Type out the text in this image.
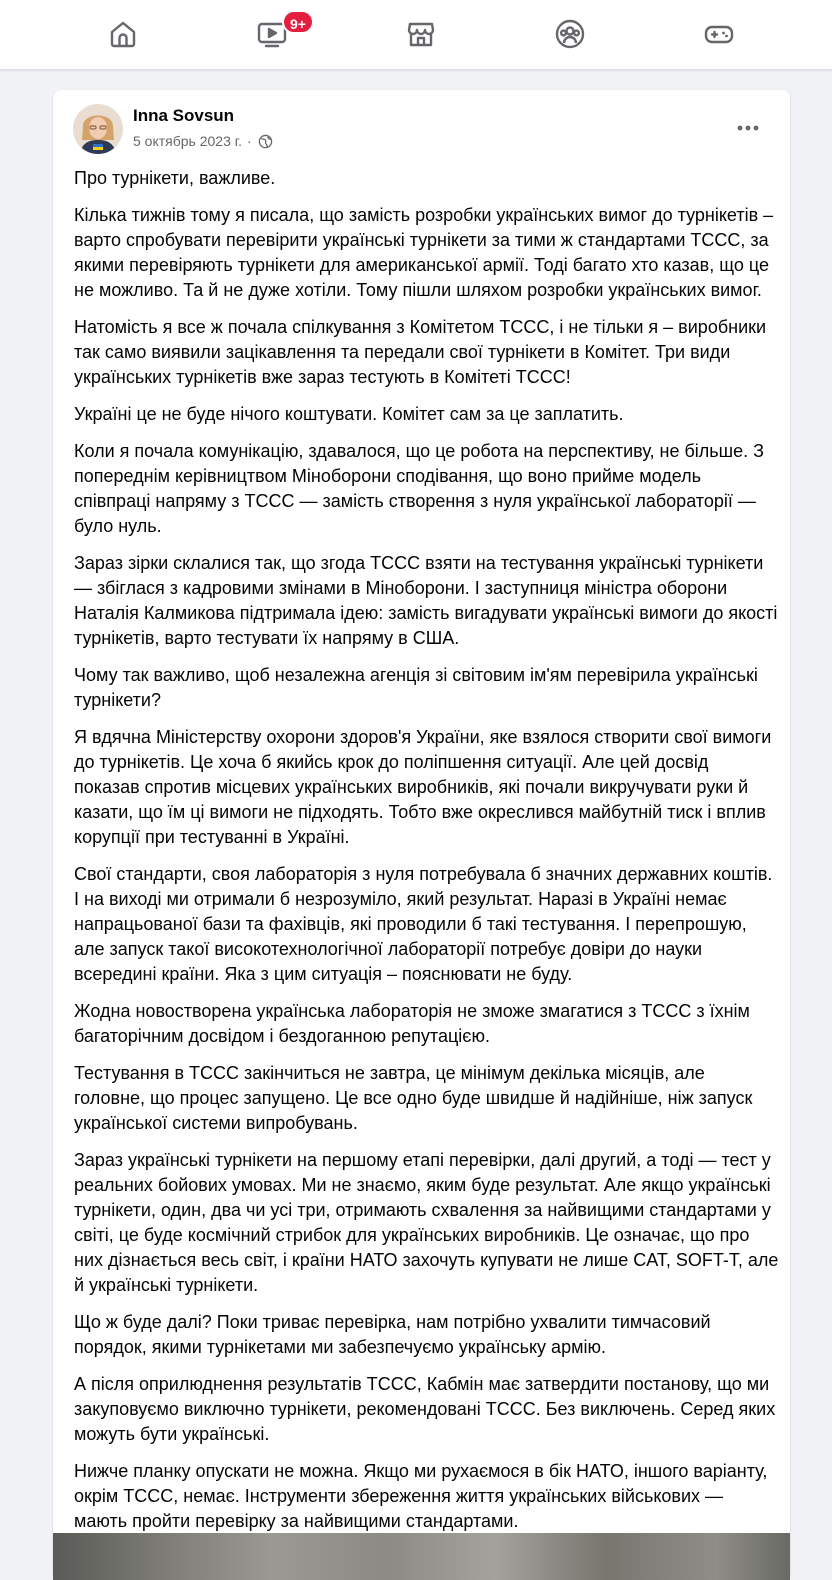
9+
Inna Sovsun
5 октябрь 2023 г. ·

Про турнікети, важливе.

Кілька тижнів тому я писала, що замість розробки українських вимог до турнікетів – варто спробувати перевірити українські турнікети за тими ж стандартами TCCC, за якими перевіряють турнікети для американської армії. Тоді багато хто казав, що це не можливо. Та й не дуже хотіли. Тому пішли шляхом розробки українських вимог.

Натомість я все ж почала спілкування з Комітетом TCCC, і не тільки я – виробники так само виявили зацікавлення та передали свої турнікети в Комітет. Три види українських турнікетів вже зараз тестують в Комітеті TCCC!

Україні це не буде нічого коштувати. Комітет сам за це заплатить.

Коли я почала комунікацію, здавалося, що це робота на перспективу, не більше. З попереднім керівництвом Міноборони сподівання, що воно прийме модель співпраці напряму з TCCC — замість створення з нуля української лабораторії — було нуль.

Зараз зірки склалися так, що згода TCCC взяти на тестування українські турнікети — збіглася з кадровими змінами в Міноборони. І заступниця міністра оборони Наталія Калмикова підтримала ідею: замість вигадувати українські вимоги до якості турнікетів, варто тестувати їх напряму в США.

Чому так важливо, щоб незалежна агенція зі світовим ім'ям перевірила українські турнікети?

Я вдячна Міністерству охорони здоров'я України, яке взялося створити свої вимоги до турнікетів. Це хоча б якийсь крок до поліпшення ситуації. Але цей досвід показав спротив місцевих українських виробників, які почали викручувати руки й казати, що їм ці вимоги не підходять. Тобто вже окреслився майбутній тиск і вплив корупції при тестуванні в Україні.

Свої стандарти, своя лабораторія з нуля потребувала б значних державних коштів. І на виході ми отримали б незрозуміло, який результат. Наразі в Україні немає напрацьованої бази та фахівців, які проводили б такі тестування. І перепрошую, але запуск такої високотехнологічної лабораторії потребує довіри до науки всередині країни. Яка з цим ситуація – пояснювати не буду.

Жодна новостворена українська лабораторія не зможе змагатися з TCCC з їхнім багаторічним досвідом і бездоганною репутацією.

Тестування в TCCC закінчиться не завтра, це мінімум декілька місяців, але головне, що процес запущено. Це все одно буде швидше й надійніше, ніж запуск української системи випробувань.

Зараз українські турнікети на першому етапі перевірки, далі другий, а тоді — тест у реальних бойових умовах. Ми не знаємо, яким буде результат. Але якщо українські турнікети, один, два чи усі три, отримають схвалення за найвищими стандартами у світі, це буде космічний стрибок для українських виробників. Це означає, що про них дізнається весь світ, і країни НАТО захочуть купувати не лише CAT, SOFT-T, але й українські турнікети.

Що ж буде далі? Поки триває перевірка, нам потрібно ухвалити тимчасовий порядок, якими турнікетами ми забезпечуємо українську армію.

А після оприлюднення результатів TCCC, Кабмін має затвердити постанову, що ми закуповуємо виключно турнікети, рекомендовані TCCC. Без виключень. Серед яких можуть бути українські.

Нижче планку опускати не можна. Якщо ми рухаємося в бік НАТО, іншого варіанту, окрім TCCC, немає. Інструменти збереження життя українських військових — мають пройти перевірку за найвищими стандартами.
